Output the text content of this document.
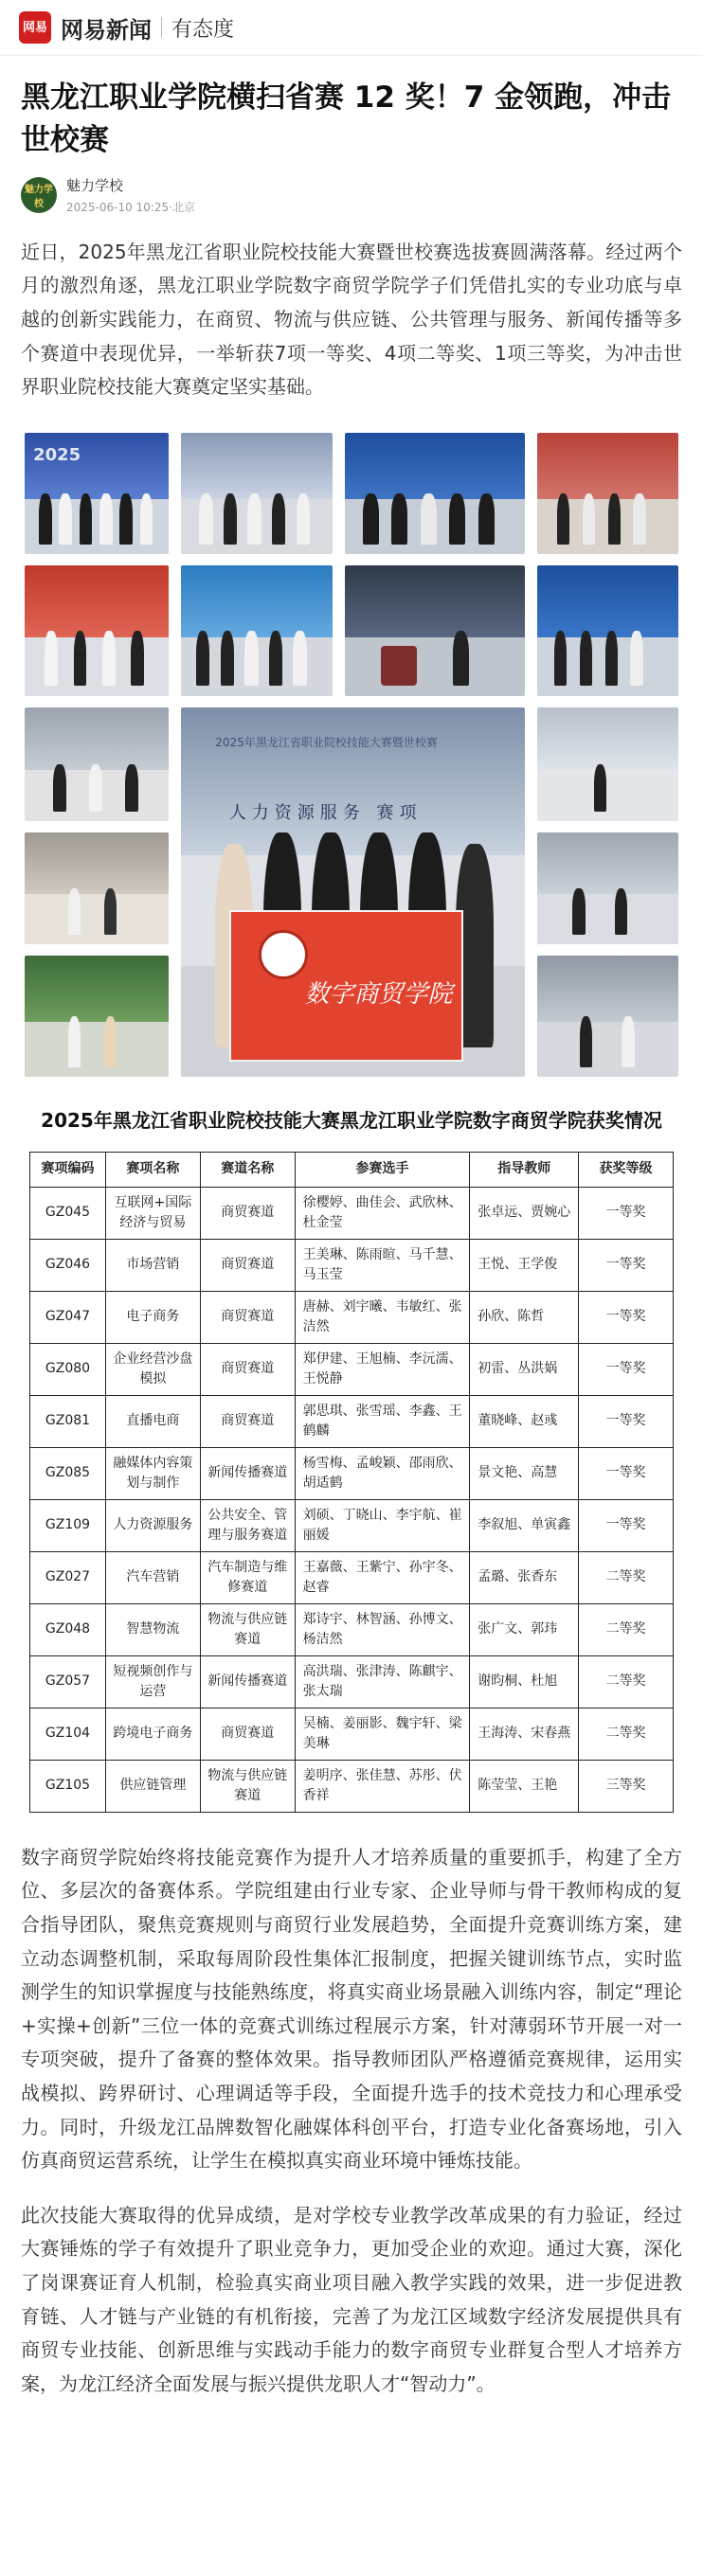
网易 网易新闻 有态度
黑龙江职业学院横扫省赛 12 奖！7 金领跑，冲击世校赛
魅力学校
魅力学校
2025-06-10 10:25·北京
近日，2025年黑龙江省职业院校技能大赛暨世校赛选拔赛圆满落幕。经过两个月的激烈角逐，黑龙江职业学院数字商贸学院学子们凭借扎实的专业功底与卓越的创新实践能力，在商贸、物流与供应链、公共管理与服务、新闻传播等多个赛道中表现优异，一举斩获7项一等奖、4项二等奖、1项三等奖，为冲击世界职业院校技能大赛奠定坚实基础。
2025
2025年黑龙江省职业院校技能大赛暨世校赛
人力资源服务 赛项
数字商贸学院
2025年黑龙江省职业院校技能大赛黑龙江职业学院数字商贸学院获奖情况
赛项编码	赛项名称	赛道名称	参赛选手	指导教师	获奖等级
GZ045	互联网+国际经济与贸易	商贸赛道	徐樱婷、曲佳会、武欣林、杜金莹	张卓远、贾婉心	一等奖
GZ046	市场营销	商贸赛道	王美琳、陈雨暄、马千慧、马玉莹	王悦、王学俊	一等奖
GZ047	电子商务	商贸赛道	唐赫、刘宇曦、韦敏红、张洁然	孙欣、陈哲	一等奖
GZ080	企业经营沙盘模拟	商贸赛道	郑伊建、王旭楠、李沅濡、王悦静	初雷、丛洪娲	一等奖
GZ081	直播电商	商贸赛道	郭思琪、张雪瑶、李鑫、王鹤麟	董晓峰、赵彧	一等奖
GZ085	融媒体内容策划与制作	新闻传播赛道	杨雪梅、孟峻颖、邵雨欣、胡适鹤	景文艳、高慧	一等奖
GZ109	人力资源服务	公共安全、管理与服务赛道	刘硕、丁晓山、李宇航、崔丽媛	李叙旭、单寅鑫	一等奖
GZ027	汽车营销	汽车制造与维修赛道	王嘉薇、王紫宁、孙宇冬、赵睿	孟璐、张香东	二等奖
GZ048	智慧物流	物流与供应链赛道	郑诗宇、林智涵、孙博文、杨洁然	张广文、郭玮	二等奖
GZ057	短视频创作与运营	新闻传播赛道	高洪瑞、张津涛、陈麒宇、张太瑞	谢昀桐、杜旭	二等奖
GZ104	跨境电子商务	商贸赛道	吴楠、姜丽影、魏宇轩、梁美琳	王海涛、宋春燕	二等奖
GZ105	供应链管理	物流与供应链赛道	姜明序、张佳慧、苏彤、伏香祥	陈莹莹、王艳	三等奖
数字商贸学院始终将技能竞赛作为提升人才培养质量的重要抓手，构建了全方位、多层次的备赛体系。学院组建由行业专家、企业导师与骨干教师构成的复合指导团队，聚焦竞赛规则与商贸行业发展趋势，全面提升竞赛训练方案，建立动态调整机制，采取每周阶段性集体汇报制度，把握关键训练节点，实时监测学生的知识掌握度与技能熟练度，将真实商业场景融入训练内容，制定“理论+实操+创新”三位一体的竞赛式训练过程展示方案，针对薄弱环节开展一对一专项突破，提升了备赛的整体效果。指导教师团队严格遵循竞赛规律，运用实战模拟、跨界研讨、心理调适等手段，全面提升选手的技术竞技力和心理承受力。同时，升级龙江品牌数智化融媒体科创平台，打造专业化备赛场地，引入仿真商贸运营系统，让学生在模拟真实商业环境中锤炼技能。
此次技能大赛取得的优异成绩，是对学校专业教学改革成果的有力验证，经过大赛锤炼的学子有效提升了职业竞争力，更加受企业的欢迎。通过大赛，深化了岗课赛证育人机制，检验真实商业项目融入教学实践的效果，进一步促进教育链、人才链与产业链的有机衔接，完善了为龙江区域数字经济发展提供具有商贸专业技能、创新思维与实践动手能力的数字商贸专业群复合型人才培养方案，为龙江经济全面发展与振兴提供龙职人才“智动力”。
